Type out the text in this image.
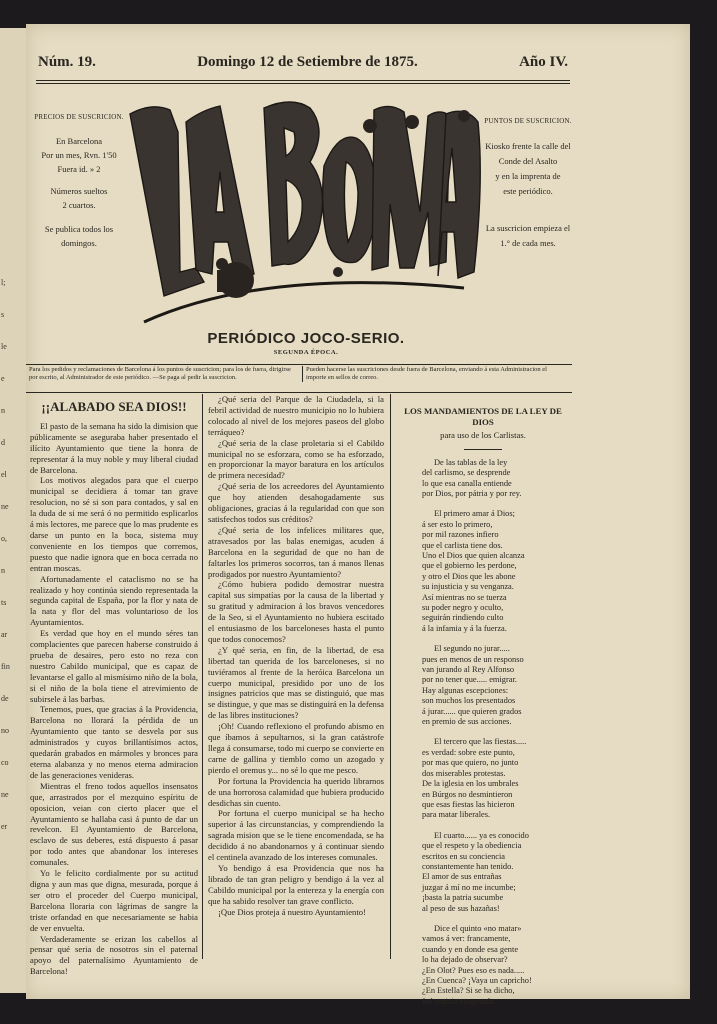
l;
s
le
e
n
d
el
ne
o,
n
ts
ar
fin
de
no
co
ne
er
Núm. 19.	Domingo 12 de Setiembre de 1875.	Año IV.
PRECIOS DE SUSCRICION.
En Barcelona
Por un mes, Rvn. 1'50
Fuera id. » 2
Números sueltos
2 cuartos.
Se publica todos los
domingos.
PUNTOS DE SUSCRICION.
Kiosko frente la calle del
Conde del Asalto
y en la imprenta de
este periódico.
La suscricion empieza el
1.° de cada mes.
PERIÓDICO JOCO-SERIO.
SEGUNDA ÉPOCA.
Para los pedidos y reclamaciones de Barcelona á los puntos de suscricion; para los de fuera, dirigirse por escrito, al Administrador de este periódico. —Se paga al pedir la suscricion.
Pueden hacerse las suscriciones desde fuera de Barcelona, enviando á esta Administracion el importe en sellos de correo.
¡¡ALABADO SEA DIOS!!

El pasto de la semana ha sido la dimision que públicamente se aseguraba haber presentado el ilícito Ayuntamiento que tiene la honra de representar á la muy noble y muy liberal ciudad de Barcelona.

Los motivos alegados para que el cuerpo municipal se decidiera á tomar tan grave resolucion, no sé si son para contados, y sal en la duda de si me será ó no permitido esplicarlos á mis lectores, me parece que lo mas prudente es darse un punto en la boca, sistema muy conveniente en los tiempos que corremos, puesto que nadie ignora que en boca cerrada no entran moscas.

Afortunadamente el cataclismo no se ha realizado y hoy continúa siendo representada la segunda capital de España, por la flor y nata de la nata y flor del mas voluntarioso de los Ayuntamientos.

Es verdad que hoy en el mundo séres tan complacientes que parecen haberse construido á prueba de desaires, pero esto no reza con nuestro Cabildo municipal, que es capaz de levantarse el gallo al mismísimo niño de la bola, si el niño de la bola tiene el atrevimiento de subirsele á las barbas.

Tenemos, pues, que gracias á la Providencia, Barcelona no llorará la pérdida de un Ayuntamiento que tanto se desvela por sus administrados y cuyos brillantísimos actos, quedarán grabados en mármoles y bronces para eterna alabanza y no menos eterna admiracion de las generaciones venideras.

Mientras el freno todos aquellos insensatos que, arrastrados por el mezquino espíritu de oposicion, veian con cierto placer que el Ayuntamiento se hallaba casi á punto de dar un revelcon. El Ayuntamiento de Barcelona, esclavo de sus deberes, está dispuesto á pasar por todo antes que abandonar los intereses comunales.

Yo le felicito cordialmente por su actitud digna y aun mas que digna, mesurada, porque á ser otro el proceder del Cuerpo municipal, Barcelona lloraria con lágrimas de sangre la triste orfandad en que necesariamente se habia de ver envuelta.

Verdaderamente se erizan los cabellos al pensar qué seria de nosotros sin el paternal apoyo del paternalísimo Ayuntamiento de Barcelona!

¿Qué seria del Parque de la Ciudadela, si la febril actividad de nuestro municipio no lo hubiera colocado al nivel de los mejores paseos del globo terráqueo?

¿Qué seria de la clase proletaria si el Cabildo municipal no se esforzara, como se ha esforzado, en proporcionar la mayor baratura en los artículos de primera necesidad?

¿Qué seria de los acreedores del Ayuntamiento que hoy atienden desahogadamente sus obligaciones, gracias á la regularidad con que son satisfechos todos sus créditos?

¿Qué seria de los infelices militares que, atravesados por las balas enemigas, acuden á Barcelona en la seguridad de que no han de faltarles los primeros socorros, tan á manos llenas prodigados por nuestro Ayuntamiento?

¿Cómo hubiera podido demostrar nuestra capital sus simpatías por la causa de la libertad y su gratitud y admiracion á los bravos vencedores de la Seo, si el Ayuntamiento no hubiera escitado el entusiasmo de los barceloneses hasta el punto que todos conocemos?

¿Y qué seria, en fin, de la libertad, de esa libertad tan querida de los barceloneses, si no tuviéramos al frente de la heróica Barcelona un cuerpo municipal, presidido por uno de los insignes patricios que mas se distinguió, que mas se distingue, y que mas se distinguirá en la defensa de las libres instituciones?

¡Oh! Cuando reflexiono el profundo abismo en que íbamos á sepultarnos, si la gran catástrofe llega á consumarse, todo mi cuerpo se convierte en carne de gallina y tiemblo como un azogado y pierdo el oremus y... no sé lo que me pesco.

Por fortuna la Providencia ha querido librarnos de una horrorosa calamidad que hubiera producido desdichas sin cuento.

Por fortuna el cuerpo municipal se ha hecho superior á las circunstancias, y comprendiendo la sagrada mision que se le tiene encomendada, se ha decidido á no abandonarnos y á continuar siendo el centinela avanzado de los intereses comunales.

Yo bendigo á esa Providencia que nos ha librado de tan gran peligro y bendigo á la vez al Cabildo municipal por la entereza y la energía con que ha sabido resolver tan grave conflicto.

¡Que Dios proteja á nuestro Ayuntamiento!

LOS MANDAMIENTOS DE LA LEY DE DIOS
para uso de los Carlistas.
De las tablas de la ley
del carlismo, se desprende
lo que esa canalla entiende
por Dios, por pátria y por rey.
El primero amar á Dios;
á ser esto lo primero,
por mil razones infiero
que el carlista tiene dos.
Uno el Dios que quien alcanza
que el gobierno les perdone,
y otro el Dios que les abone
su injusticia y su venganza.
Así mientras no se tuerza
su poder negro y oculto,
seguirán rindiendo culto
á la infamia y á la fuerza.
El segundo no jurar.....
pues en menos de un responso
van jurando al Rey Alfonso
por no tener que..... emigrar.
Hay algunas escepciones:
son muchos los presentados
á jurar...... que quieren grados
en premio de sus acciones.
El tercero que las fiestas.....
es verdad: sobre este punto,
por mas que quiero, no junto
dos miserables protestas.
De la iglesia en los umbrales
en Búrgos no desmintieron
que esas fiestas las hicieron
para matar liberales.
El cuarto...... ya es conocido
que el respeto y la obediencia
escritos en su conciencia
constantemente han tenido.
El amor de sus entrañas
juzgar á mí no me incumbe;
¡basta la patria sucumbe
al peso de sus hazañas!
Dice el quinto «no matar»
vamos á ver: francamente,
cuando y en donde esa gente
lo ha dejado de observar?
¿En Olot? Pues eso es nada.....
¿En Cuenca? ¡Vaya un capricho!
¿En Estella? Si se ha dicho,
fué noticia exagerada.
